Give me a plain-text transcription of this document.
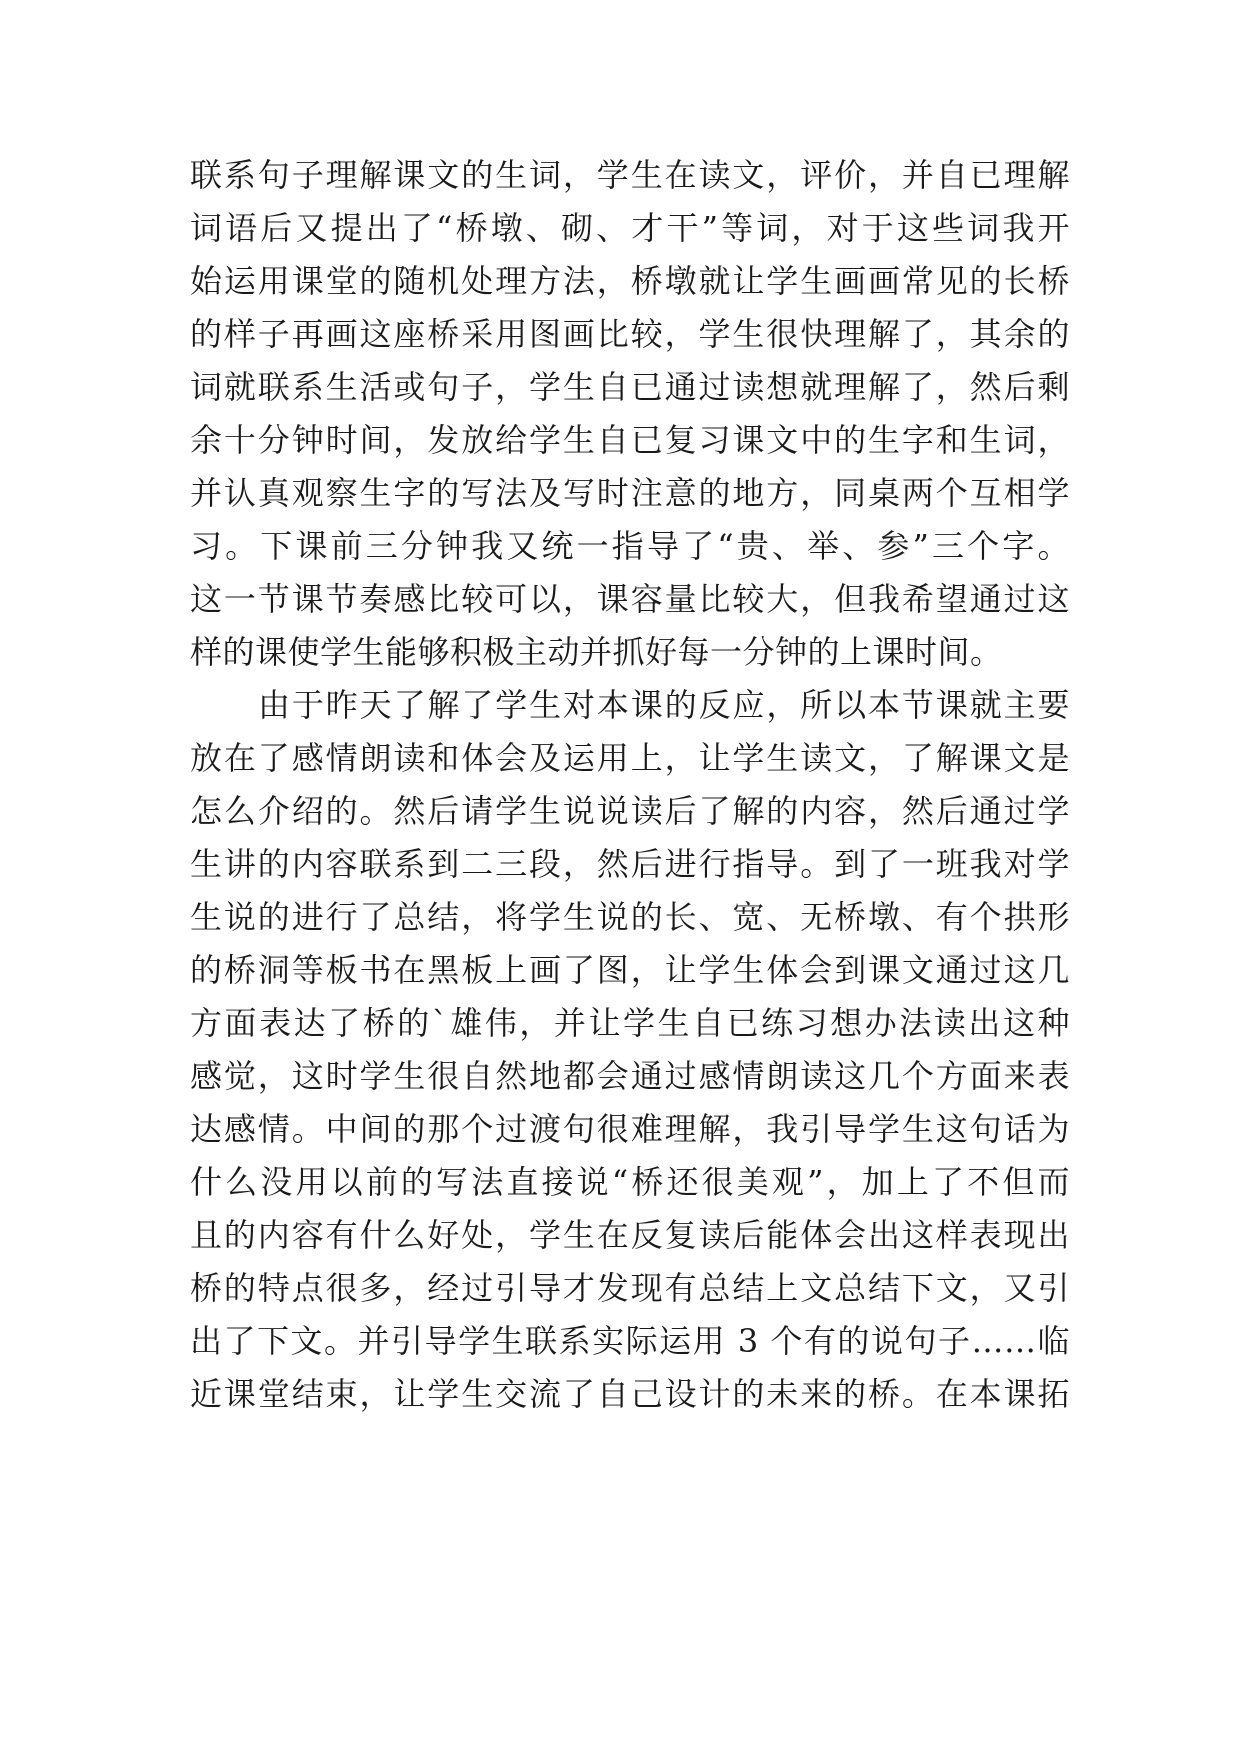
联系句子理解课文的生词，学生在读文，评价，并自已理解
词语后又提出了“桥墩、砌、才干”等词，对于这些词我开
始运用课堂的随机处理方法，桥墩就让学生画画常见的长桥
的样子再画这座桥采用图画比较，学生很快理解了，其余的
词就联系生活或句子，学生自已通过读想就理解了，然后剩
余十分钟时间，发放给学生自已复习课文中的生字和生词，
并认真观察生字的写法及写时注意的地方，同桌两个互相学
习。下课前三分钟我又统一指导了“贵、举、参”三个字。
这一节课节奏感比较可以，课容量比较大，但我希望通过这
样的课使学生能够积极主动并抓好每一分钟的上课时间。
由于昨天了解了学生对本课的反应，所以本节课就主要
放在了感情朗读和体会及运用上，让学生读文，了解课文是
怎么介绍的。然后请学生说说读后了解的内容，然后通过学
生讲的内容联系到二三段，然后进行指导。到了一班我对学
生说的进行了总结，将学生说的长、宽、无桥墩、有个拱形
的桥洞等板书在黑板上画了图，让学生体会到课文通过这几
方面表达了桥的`雄伟，并让学生自已练习想办法读出这种
感觉，这时学生很自然地都会通过感情朗读这几个方面来表
达感情。中间的那个过渡句很难理解，我引导学生这句话为
什么没用以前的写法直接说“桥还很美观”，加上了不但而
且的内容有什么好处，学生在反复读后能体会出这样表现出
桥的特点很多，经过引导才发现有总结上文总结下文，又引
出了下文。并引导学生联系实际运用 3 个有的说句子……临
近课堂结束，让学生交流了自己设计的未来的桥。在本课拓
